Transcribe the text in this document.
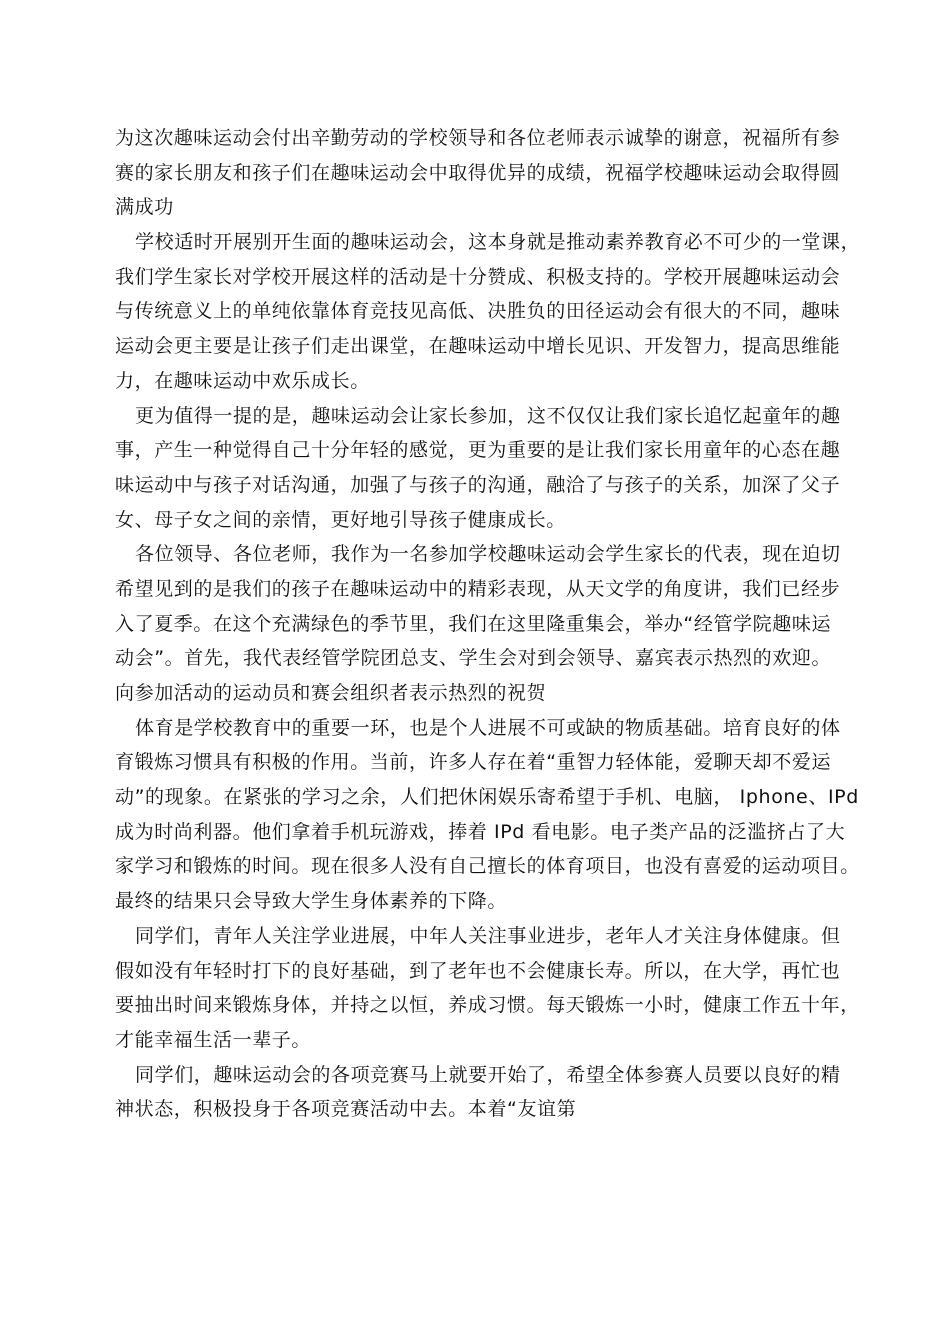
为这次趣味运动会付出辛勤劳动的学校领导和各位老师表示诚挚的谢意，祝福所有参
赛的家长朋友和孩子们在趣味运动会中取得优异的成绩，祝福学校趣味运动会取得圆
满成功
学校适时开展别开生面的趣味运动会，这本身就是推动素养教育必不可少的一堂课，
我们学生家长对学校开展这样的活动是十分赞成、积极支持的。学校开展趣味运动会
与传统意义上的单纯依靠体育竞技见高低、决胜负的田径运动会有很大的不同，趣味
运动会更主要是让孩子们走出课堂，在趣味运动中增长见识、开发智力，提高思维能
力，在趣味运动中欢乐成长。
更为值得一提的是，趣味运动会让家长参加，这不仅仅让我们家长追忆起童年的趣
事，产生一种觉得自己十分年轻的感觉，更为重要的是让我们家长用童年的心态在趣
味运动中与孩子对话沟通，加强了与孩子的沟通，融洽了与孩子的关系，加深了父子
女、母子女之间的亲情，更好地引导孩子健康成长。
各位领导、各位老师，我作为一名参加学校趣味运动会学生家长的代表，现在迫切
希望见到的是我们的孩子在趣味运动中的精彩表现，从天文学的角度讲，我们已经步
入了夏季。在这个充满绿色的季节里，我们在这里隆重集会，举办“经管学院趣味运
动会”。首先，我代表经管学院团总支、学生会对到会领导、嘉宾表示热烈的欢迎。
向参加活动的运动员和赛会组织者表示热烈的祝贺
体育是学校教育中的重要一环，也是个人进展不可或缺的物质基础。培育良好的体
育锻炼习惯具有积极的作用。当前，许多人存在着“重智力轻体能，爱聊天却不爱运
动”的现象。在紧张的学习之余，人们把休闲娱乐寄希望于手机、电脑， Iphone、IPd
成为时尚利器。他们拿着手机玩游戏，捧着 IPd 看电影。电子类产品的泛滥挤占了大
家学习和锻炼的时间。现在很多人没有自己擅长的体育项目，也没有喜爱的运动项目。
最终的结果只会导致大学生身体素养的下降。
同学们，青年人关注学业进展，中年人关注事业进步，老年人才关注身体健康。但
假如没有年轻时打下的良好基础，到了老年也不会健康长寿。所以，在大学，再忙也
要抽出时间来锻炼身体，并持之以恒，养成习惯。每天锻炼一小时，健康工作五十年，
才能幸福生活一辈子。
同学们，趣味运动会的各项竞赛马上就要开始了，希望全体参赛人员要以良好的精
神状态，积极投身于各项竞赛活动中去。本着“友谊第
